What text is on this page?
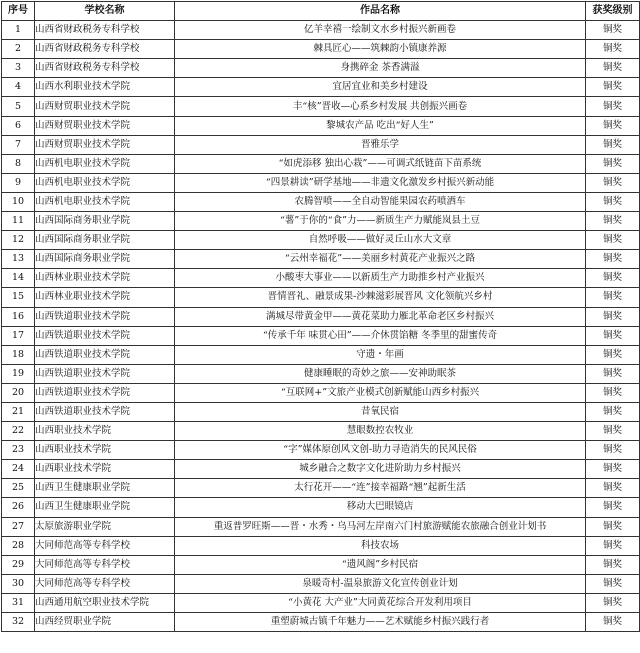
序号	学校名称	作品名称	获奖级别
1	山西省财政税务专科学校	亿羊幸禧一绘制文水乡村振兴新画卷	铜奖
2	山西省财政税务专科学校	棘具匠心——筑棘韵小镇康养源	铜奖
3	山西省财政税务专科学校	身携碎金 茶香满溢	铜奖
4	山西水利职业技术学院	宜居宜业和美乡村建设	铜奖
5	山西财贸职业技术学院	丰“核”晋收—心系乡村发展 共创振兴画卷	铜奖
6	山西财贸职业技术学院	黎城农产品 吃出“好人生”	铜奖
7	山西财贸职业技术学院	晋雅乐学	铜奖
8	山西机电职业技术学院	“如虎添移 独出心栽”——可调式纸链苗下苗系统	铜奖
9	山西机电职业技术学院	“四景耕读”研学基地——非遗文化激发乡村振兴新动能	铜奖
10	山西机电职业技术学院	农腾智喷——全自动智能果园农药喷洒车	铜奖
11	山西国际商务职业学院	“薯”于你的“食”力——新质生产力赋能岚县土豆	铜奖
12	山西国际商务职业学院	自然呼吸——做好灵丘山水大文章	铜奖
13	山西国际商务职业学院	“云州幸福花”——美丽乡村黄花产业振兴之路	铜奖
14	山西林业职业技术学院	小酸枣大事业——以新质生产力助推乡村产业振兴	铜奖
15	山西林业职业技术学院	晋情晋礼、融景成果-沙棘滋彩展晋风 文化领航兴乡村	铜奖
16	山西铁道职业技术学院	满城尽带黄金甲——黄花菜助力雁北革命老区乡村振兴	铜奖
17	山西铁道职业技术学院	“传承千年 味贯心田”——介休贯馅糖 冬季里的甜蜜传奇	铜奖
18	山西铁道职业技术学院	守遗・年画	铜奖
19	山西铁道职业技术学院	健康睡眠的奇妙之旅——安神助眠茶	铜奖
20	山西铁道职业技术学院	“互联网+”文旅产业模式创新赋能山西乡村振兴	铜奖
21	山西铁道职业技术学院	昔氧民宿	铜奖
22	山西职业技术学院	慧眼数控农牧业	铜奖
23	山西职业技术学院	“字”媒体原创风文创-助力寻造消失的民风民俗	铜奖
24	山西职业技术学院	城乡融合之数字文化进阶助力乡村振兴	铜奖
25	山西卫生健康职业学院	太行花开——“连”接幸福路“翘”起新生活	铜奖
26	山西卫生健康职业学院	移动大巴眼镜店	铜奖
27	太原旅游职业学院	重返普罗旺斯——晋・水秀・乌马河左岸南六门村旅游赋能农旅融合创业计划书	铜奖
28	大同师范高等专科学校	科技农场	铜奖
29	大同师范高等专科学校	“遗风阁”乡村民宿	铜奖
30	大同师范高等专科学校	泉暖奇村-温泉旅游文化宣传创业计划	铜奖
31	山西通用航空职业技术学院	“小黄花 大产业”大同黄花综合开发利用项目	铜奖
32	山西经贸职业学院	重塑蔚城古镇千年魅力——艺术赋能乡村振兴践行者	铜奖
